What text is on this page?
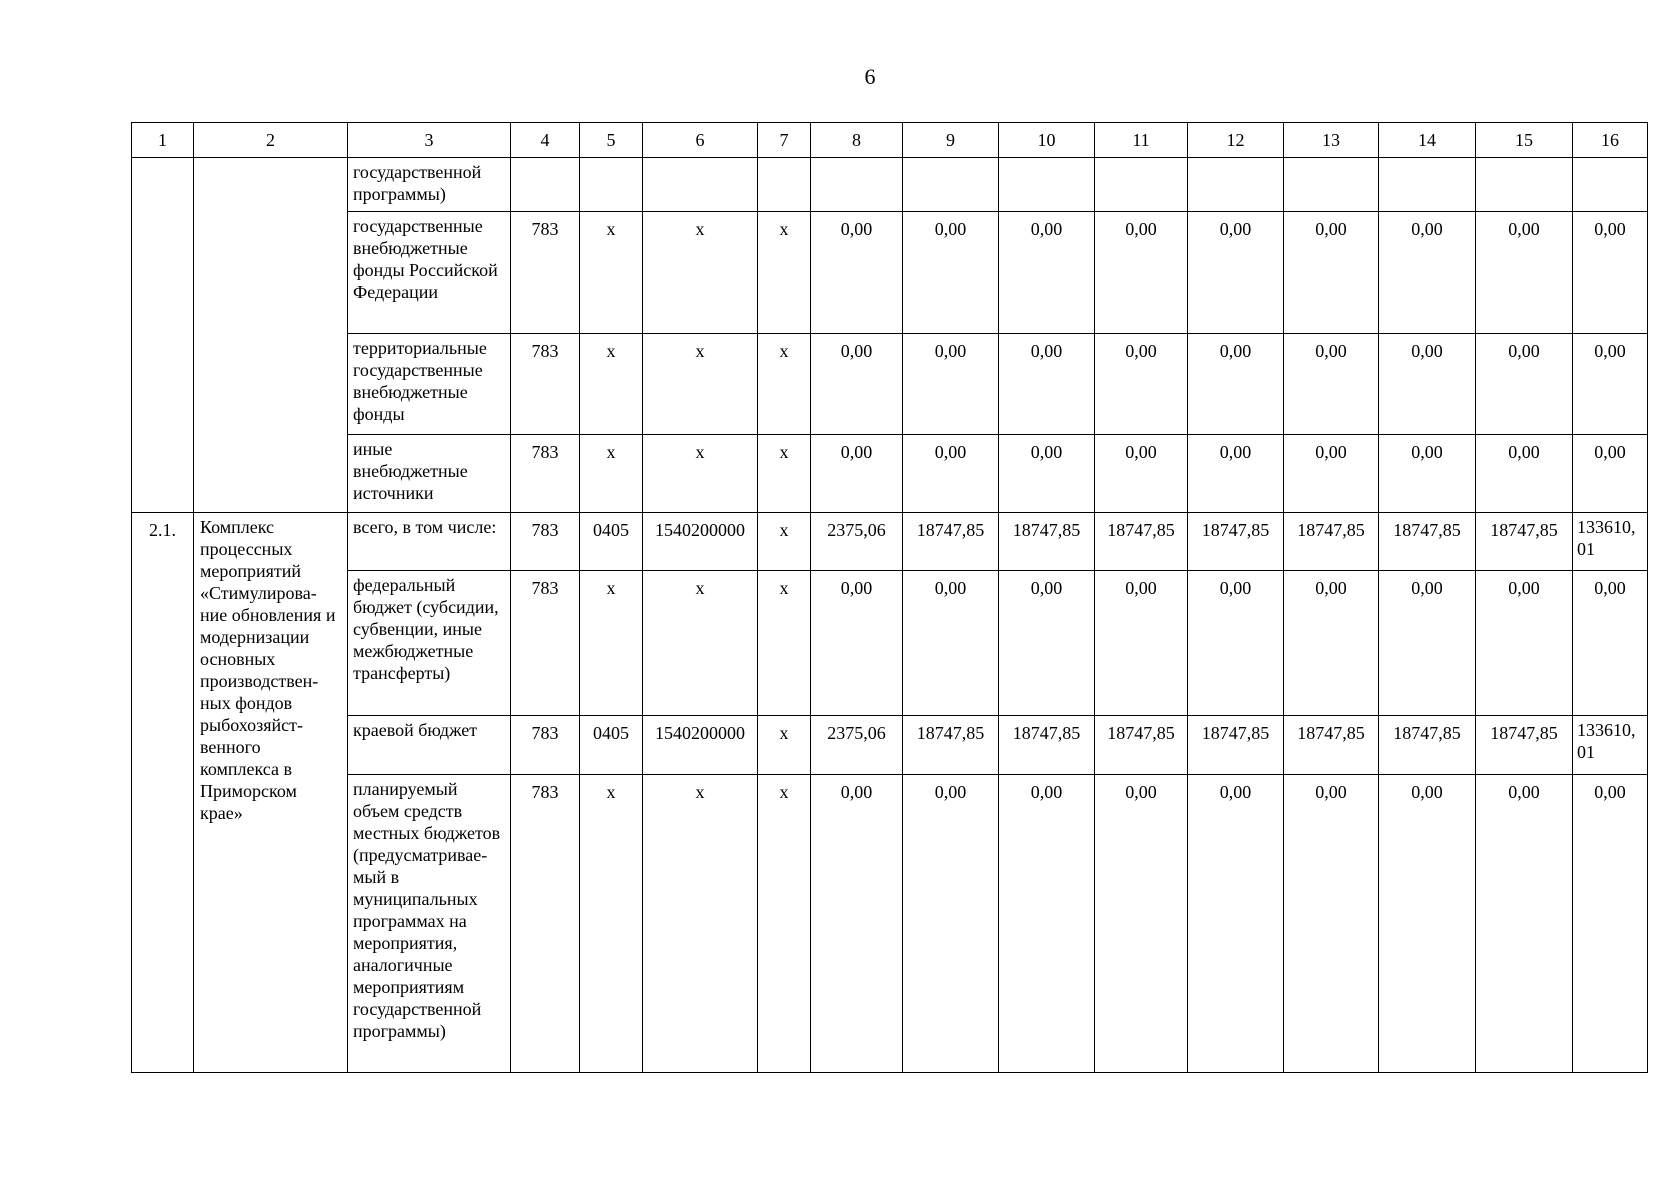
6
1	2	3	4	5	6	7	8	9	10	11	12	13	14	15	16
		государственной программы)													
		государственные внебюджетные фонды Российской Федерации	783	x	x	x	0,00	0,00	0,00	0,00	0,00	0,00	0,00	0,00	0,00
		территориальные государственные внебюджетные фонды	783	x	x	x	0,00	0,00	0,00	0,00	0,00	0,00	0,00	0,00	0,00
		иные внебюджетные источники	783	x	x	x	0,00	0,00	0,00	0,00	0,00	0,00	0,00	0,00	0,00
2.1.	Комплекс процессных мероприятий «Стимулирова-ние обновления и модернизации основных производствен-ных фондов рыбохозяйст-венного комплекса в Приморском крае»	всего, в том числе:	783	0405	1540200000	x	2375,06	18747,85	18747,85	18747,85	18747,85	18747,85	18747,85	18747,85	133610, 01
		федеральный бюджет (субсидии, субвенции, иные межбюджетные трансферты)	783	x	x	x	0,00	0,00	0,00	0,00	0,00	0,00	0,00	0,00	0,00
		краевой бюджет	783	0405	1540200000	x	2375,06	18747,85	18747,85	18747,85	18747,85	18747,85	18747,85	18747,85	133610, 01
		планируемый объем средств местных бюджетов (предусматривае-мый в муниципальных программах на мероприятия, аналогичные мероприятиям государственной программы)	783	x	x	x	0,00	0,00	0,00	0,00	0,00	0,00	0,00	0,00	0,00
